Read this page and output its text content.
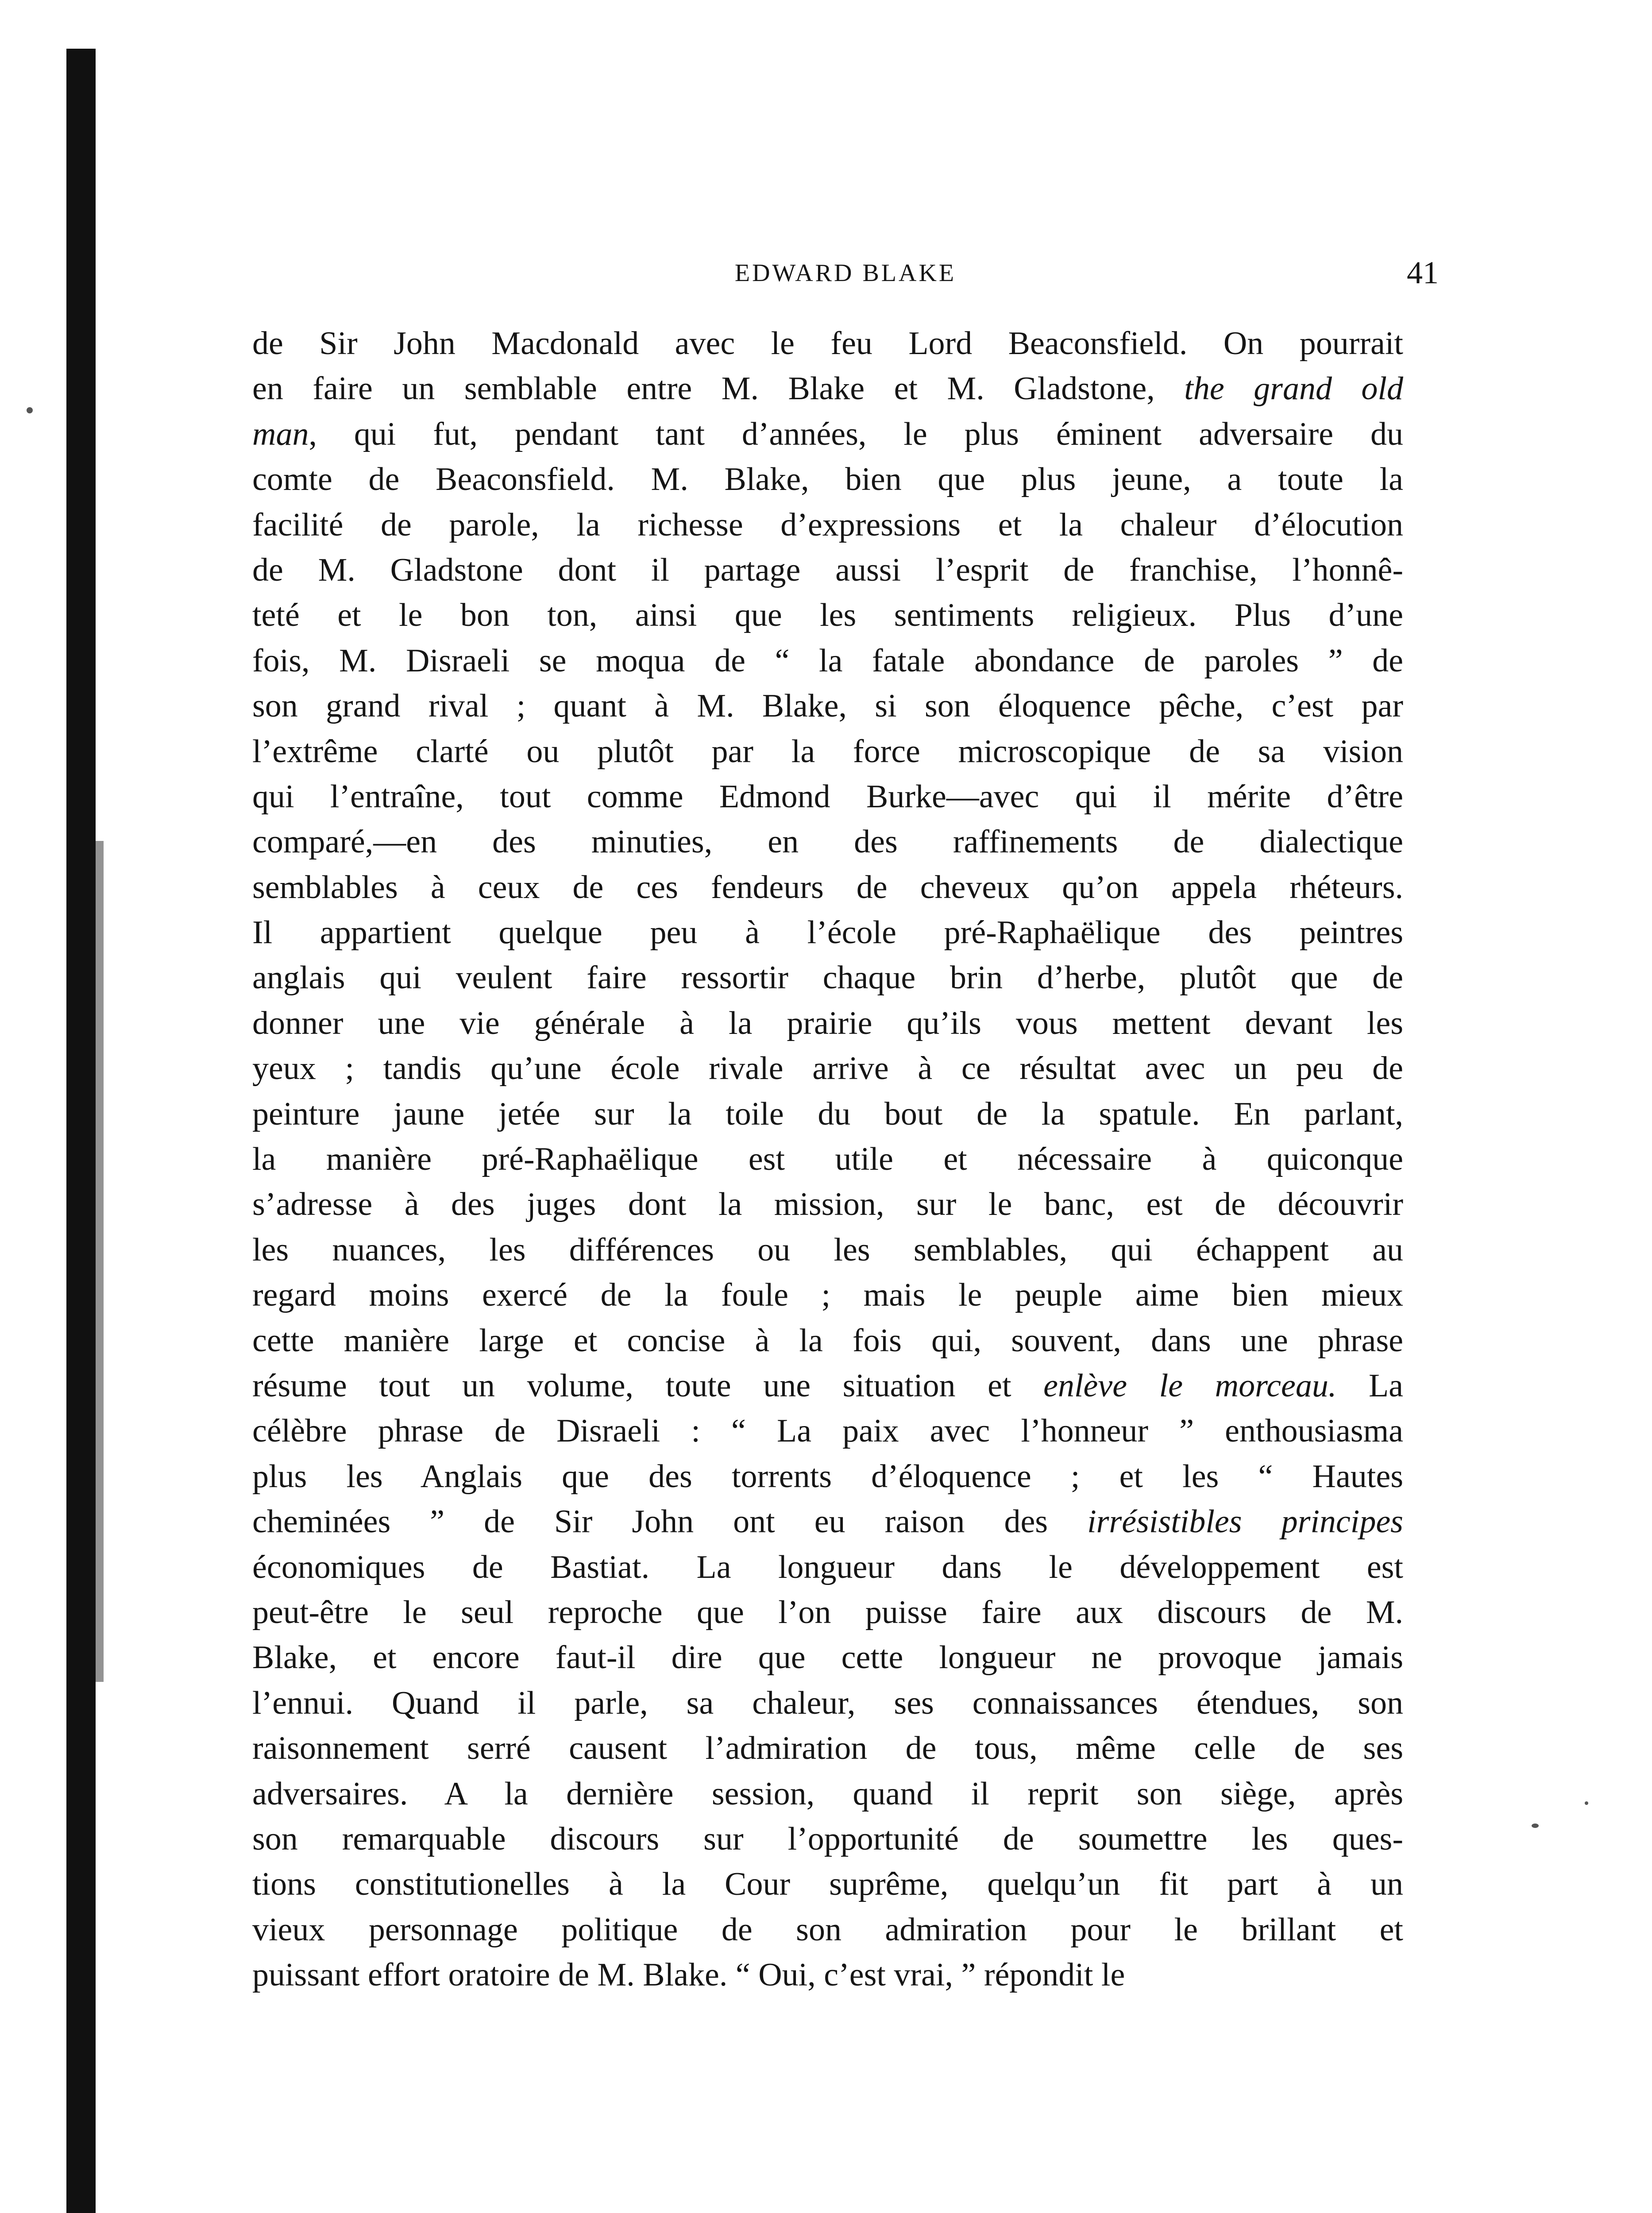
EDWARD BLAKE	41
de Sir John Macdonald avec le feu Lord Beaconsfield. On pourrait
en faire un semblable entre M. Blake et M. Gladstone, the grand old
man, qui fut, pendant tant d’années, le plus éminent adversaire du
comte de Beaconsfield. M. Blake, bien que plus jeune, a toute la
facilité de parole, la richesse d’expressions et la chaleur d’élocution
de M. Gladstone dont il partage aussi l’esprit de franchise, l’honnê-
teté et le bon ton, ainsi que les sentiments religieux. Plus d’une
fois, M. Disraeli se moqua de “ la fatale abondance de paroles ” de
son grand rival ; quant à M. Blake, si son éloquence pêche, c’est par
l’extrême clarté ou plutôt par la force microscopique de sa vision
qui l’entraîne, tout comme Edmond Burke—avec qui il mérite d’être
comparé,—en des minuties, en des raffinements de dialectique
semblables à ceux de ces fendeurs de cheveux qu’on appela rhéteurs.
Il appartient quelque peu à l’école pré-Raphaëlique des peintres
anglais qui veulent faire ressortir chaque brin d’herbe, plutôt que de
donner une vie générale à la prairie qu’ils vous mettent devant les
yeux ; tandis qu’une école rivale arrive à ce résultat avec un peu de
peinture jaune jetée sur la toile du bout de la spatule. En parlant,
la manière pré-Raphaëlique est utile et nécessaire à quiconque
s’adresse à des juges dont la mission, sur le banc, est de découvrir
les nuances, les différences ou les semblables, qui échappent au
regard moins exercé de la foule ; mais le peuple aime bien mieux
cette manière large et concise à la fois qui, souvent, dans une phrase
résume tout un volume, toute une situation et enlève le morceau. La
célèbre phrase de Disraeli : “ La paix avec l’honneur ” enthousiasma
plus les Anglais que des torrents d’éloquence ; et les “ Hautes
cheminées ” de Sir John ont eu raison des irrésistibles principes
économiques de Bastiat. La longueur dans le développement est
peut-être le seul reproche que l’on puisse faire aux discours de M.
Blake, et encore faut-il dire que cette longueur ne provoque jamais
l’ennui. Quand il parle, sa chaleur, ses connaissances étendues, son
raisonnement serré causent l’admiration de tous, même celle de ses
adversaires. A la dernière session, quand il reprit son siège, après
son remarquable discours sur l’opportunité de soumettre les ques-
tions constitutionelles à la Cour suprême, quelqu’un fit part à un
vieux personnage politique de son admiration pour le brillant et
puissant effort oratoire de M. Blake. “ Oui, c’est vrai, ” répondit le
